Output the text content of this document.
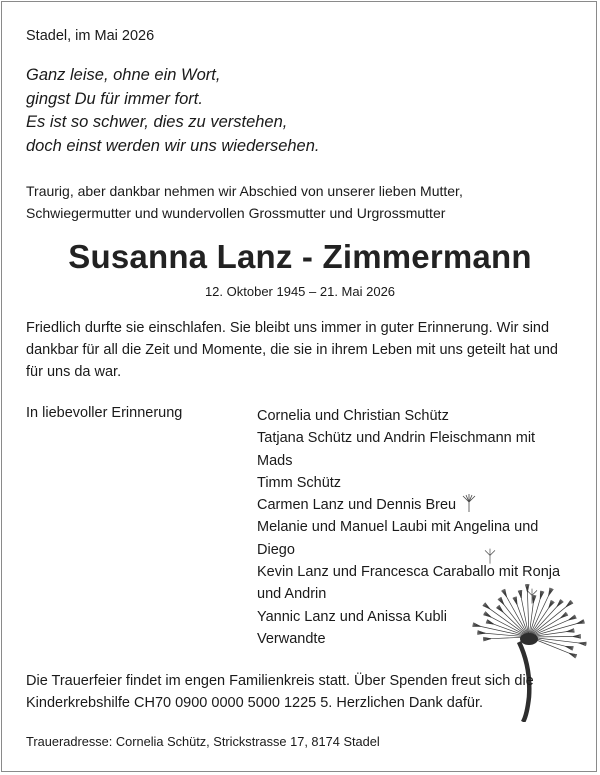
Stadel, im Mai 2026
Ganz leise, ohne ein Wort,
gingst Du für immer fort.
Es ist so schwer, dies zu verstehen,
doch einst werden wir uns wiedersehen.
Traurig, aber dankbar nehmen wir Abschied von unserer lieben Mutter,
Schwiegermutter und wundervollen Grossmutter und Urgrossmutter
Susanna Lanz - Zimmermann
12. Oktober 1945 – 21. Mai 2026
Friedlich durfte sie einschlafen. Sie bleibt uns immer in guter Erinnerung. Wir sind
dankbar für all die Zeit und Momente, die sie in ihrem Leben mit uns geteilt hat und
für uns da war.
In liebevoller Erinnerung	Cornelia und Christian Schütz
Tatjana Schütz und Andrin Fleischmann mit
Mads
Timm Schütz
Carmen Lanz und Dennis Breu
Melanie und Manuel Laubi mit Angelina und
Diego
Kevin Lanz und Francesca Caraballo mit Ronja
und Andrin
Yannic Lanz und Anissa Kubli
Verwandte
Die Trauerfeier findet im engen Familienkreis statt. Über Spenden freut sich die
Kinderkrebshilfe CH70 0900 0000 5000 1225 5. Herzlichen Dank dafür.
Traueradresse: Cornelia Schütz, Strickstrasse 17, 8174 Stadel
